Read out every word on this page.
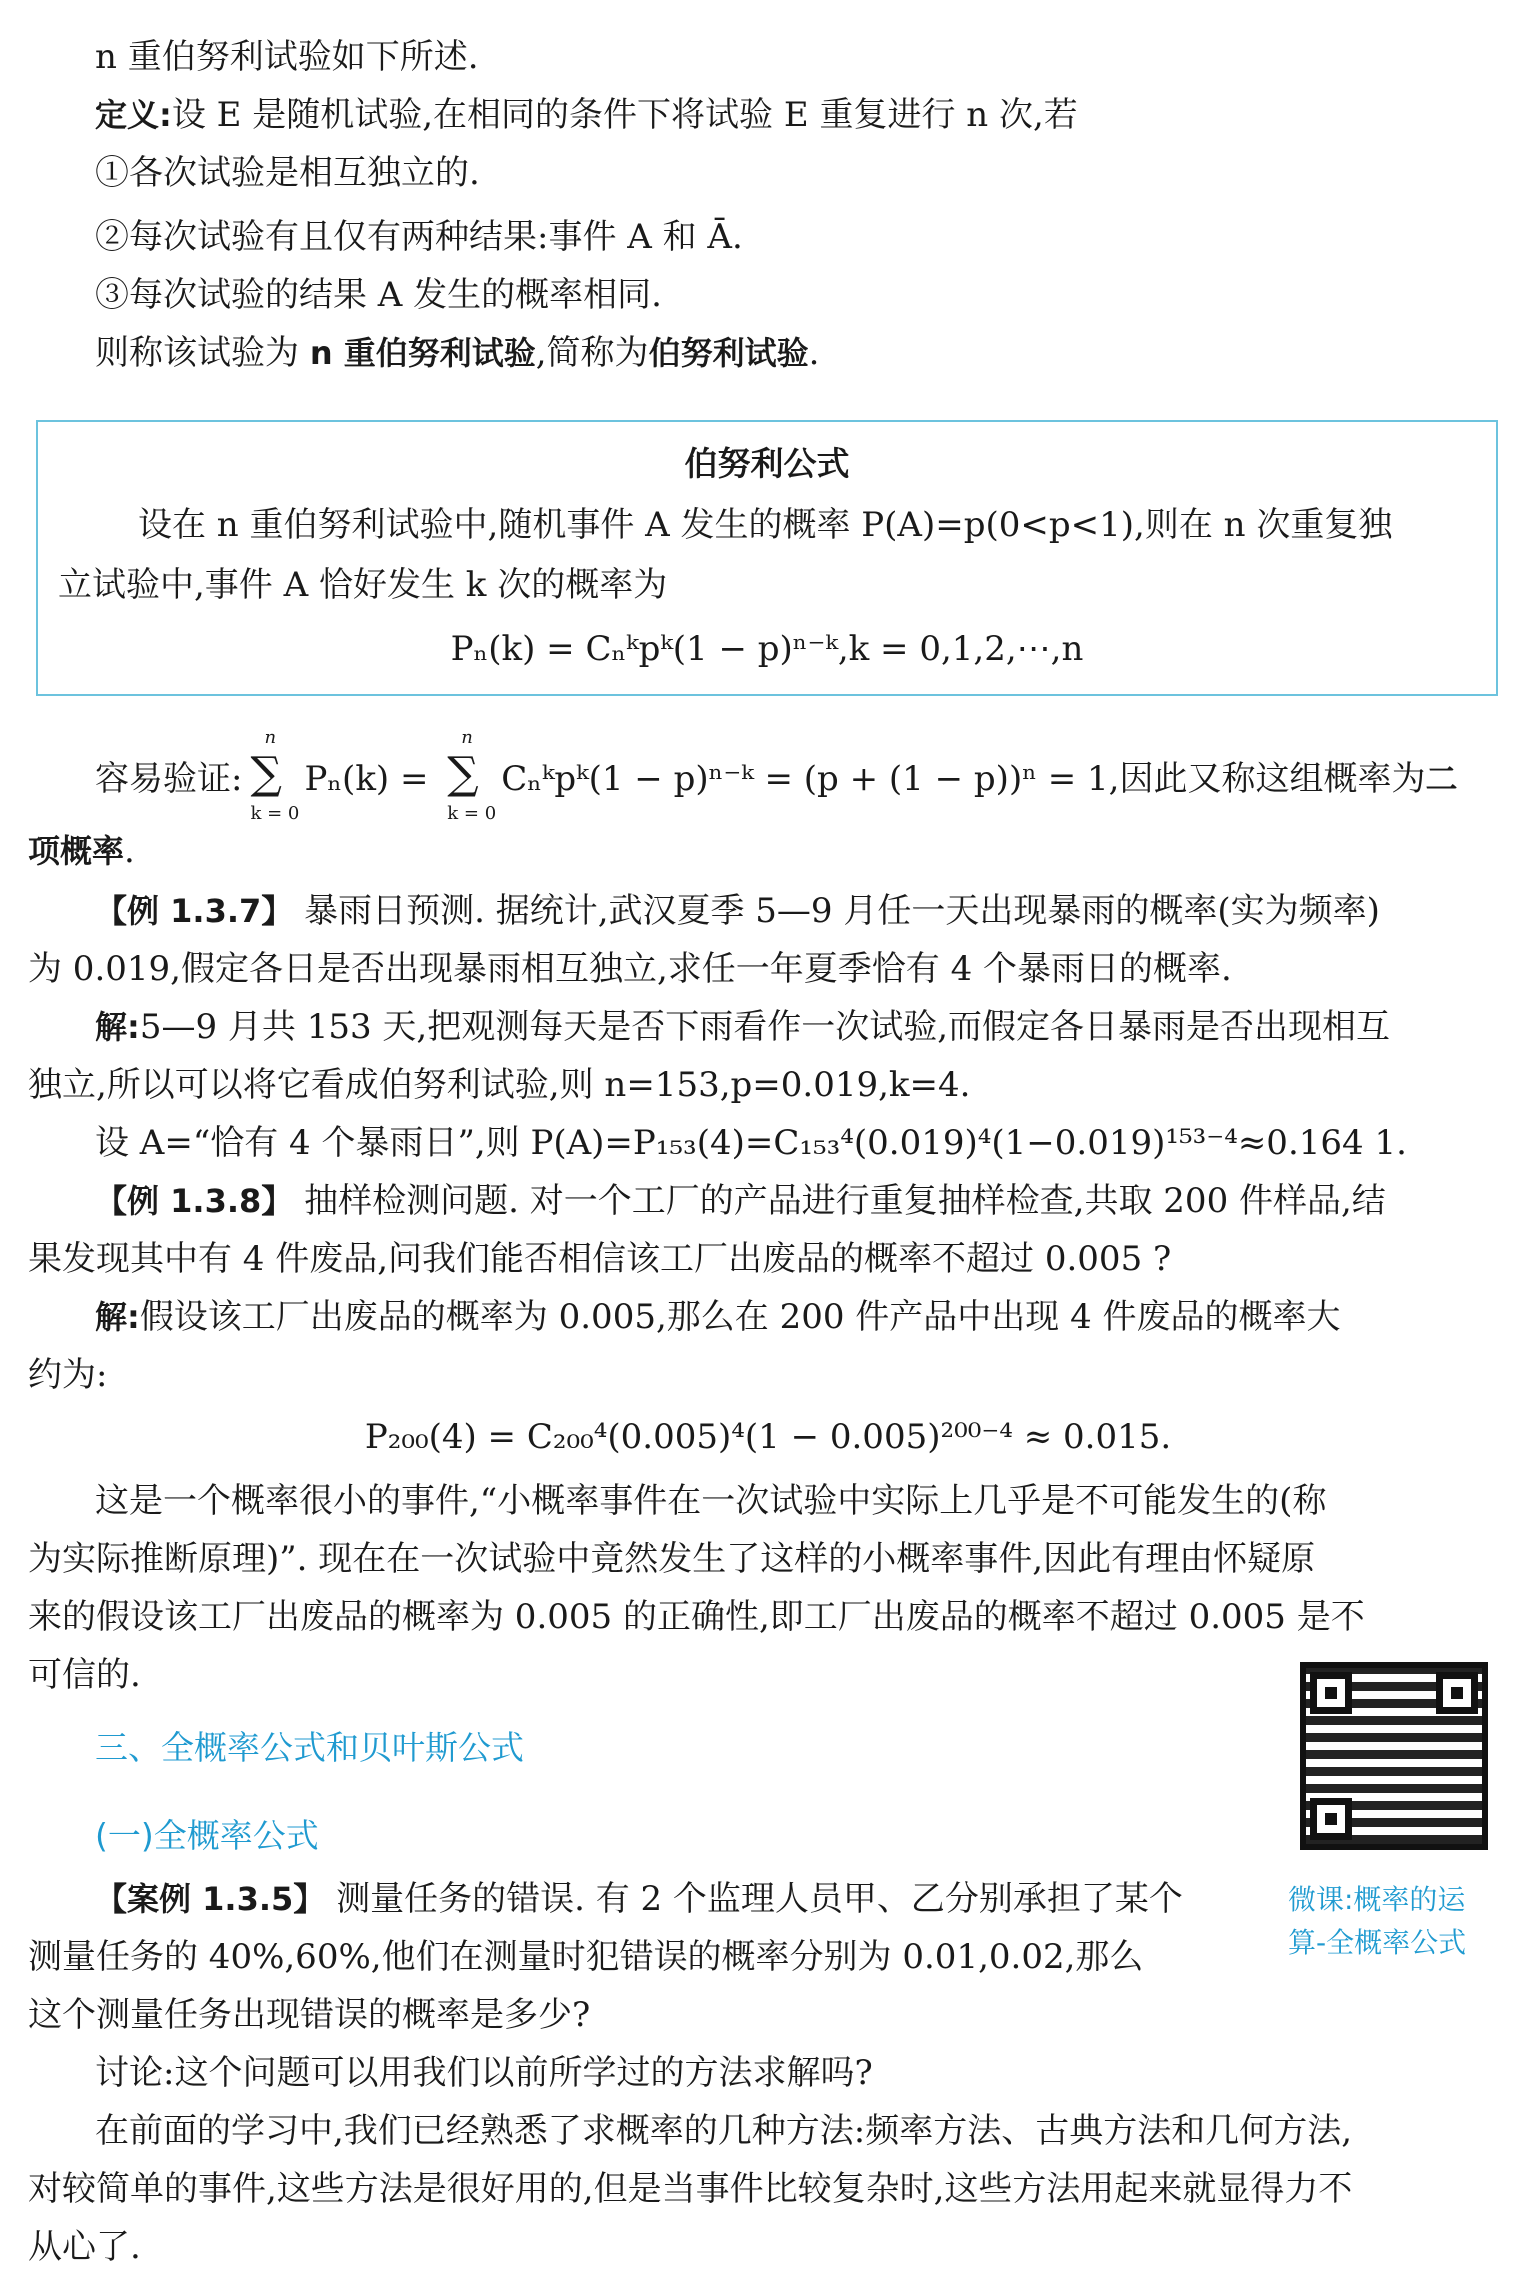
n 重伯努利试验如下所述.

定义:设 E 是随机试验,在相同的条件下将试验 E 重复进行 n 次,若

①各次试验是相互独立的.

②每次试验有且仅有两种结果:事件 A 和 Ā.

③每次试验的结果 A 发生的概率相同.

则称该试验为 n 重伯努利试验,简称为伯努利试验.

伯努利公式
设在 n 重伯努利试验中,随机事件 A 发生的概率 P(A)=p(0<p<1),则在 n 次重复独
立试验中,事件 A 恰好发生 k 次的概率为
Pₙ(k) = Cₙᵏpᵏ(1 − p)ⁿ⁻ᵏ,k = 0,1,2,⋯,n

容易验证: ∑
n
k = 0
Pₙ(k) = ∑
n
k = 0
Cₙᵏpᵏ(1 − p)ⁿ⁻ᵏ = (p + (1 − p))ⁿ = 1,因此又称这组概率为二

项概率.

【例 1.3.7】 暴雨日预测. 据统计,武汉夏季 5—9 月任一天出现暴雨的概率(实为频率)

为 0.019,假定各日是否出现暴雨相互独立,求任一年夏季恰有 4 个暴雨日的概率.

解:5—9 月共 153 天,把观测每天是否下雨看作一次试验,而假定各日暴雨是否出现相互

独立,所以可以将它看成伯努利试验,则 n=153,p=0.019,k=4.

设 A=“恰有 4 个暴雨日”,则 P(A)=P₁₅₃(4)=C₁₅₃⁴(0.019)⁴(1−0.019)¹⁵³⁻⁴≈0.164 1.

【例 1.3.8】 抽样检测问题. 对一个工厂的产品进行重复抽样检查,共取 200 件样品,结

果发现其中有 4 件废品,问我们能否相信该工厂出废品的概率不超过 0.005 ?

解:假设该工厂出废品的概率为 0.005,那么在 200 件产品中出现 4 件废品的概率大

约为:

P₂₀₀(4) = C₂₀₀⁴(0.005)⁴(1 − 0.005)²⁰⁰⁻⁴ ≈ 0.015.

这是一个概率很小的事件,“小概率事件在一次试验中实际上几乎是不可能发生的(称

为实际推断原理)”. 现在在一次试验中竟然发生了这样的小概率事件,因此有理由怀疑原

来的假设该工厂出废品的概率为 0.005 的正确性,即工厂出废品的概率不超过 0.005 是不

可信的.

三、全概率公式和贝叶斯公式

(一)全概率公式

【案例 1.3.5】 测量任务的错误. 有 2 个监理人员甲、乙分别承担了某个

测量任务的 40%,60%,他们在测量时犯错误的概率分别为 0.01,0.02,那么

这个测量任务出现错误的概率是多少?

讨论:这个问题可以用我们以前所学过的方法求解吗?

在前面的学习中,我们已经熟悉了求概率的几种方法:频率方法、古典方法和几何方法,

对较简单的事件,这些方法是很好用的,但是当事件比较复杂时,这些方法用起来就显得力不

从心了.

微课:概率的运
算-全概率公式
